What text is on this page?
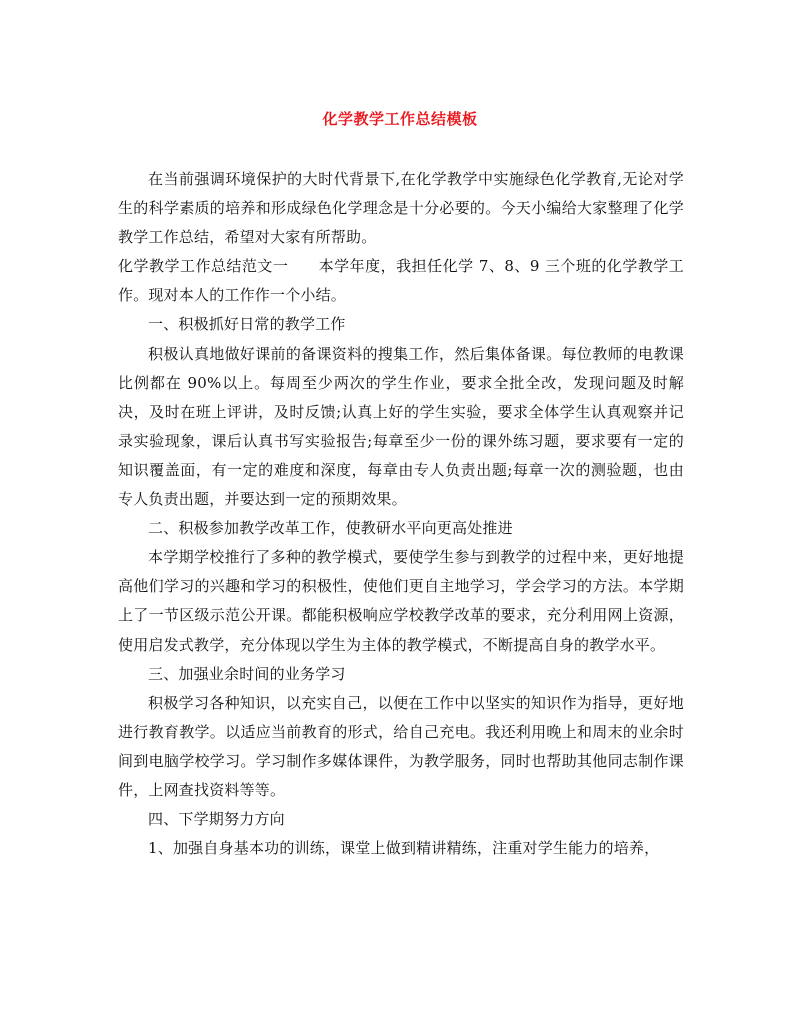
化学教学工作总结模板

在当前强调环境保护的大时代背景下,在化学教学中实施绿色化学教育,无论对学生的科学素质的培养和形成绿色化学理念是十分必要的。今天小编给大家整理了化学教学工作总结，希望对大家有所帮助。

化学教学工作总结范文一 本学年度，我担任化学 7、8、9 三个班的化学教学工作。现对本人的工作作一个小结。

一、积极抓好日常的教学工作

积极认真地做好课前的备课资料的搜集工作，然后集体备课。每位教师的电教课比例都在 90%以上。每周至少两次的学生作业，要求全批全改，发现问题及时解决，及时在班上评讲，及时反馈;认真上好的学生实验，要求全体学生认真观察并记录实验现象，课后认真书写实验报告;每章至少一份的课外练习题，要求要有一定的知识覆盖面，有一定的难度和深度，每章由专人负责出题;每章一次的测验题，也由专人负责出题，并要达到一定的预期效果。

二、积极参加教学改革工作，使教研水平向更高处推进

本学期学校推行了多种的教学模式，要使学生参与到教学的过程中来，更好地提高他们学习的兴趣和学习的积极性，使他们更自主地学习，学会学习的方法。本学期上了一节区级示范公开课。都能积极响应学校教学改革的要求，充分利用网上资源，使用启发式教学，充分体现以学生为主体的教学模式，不断提高自身的教学水平。

三、加强业余时间的业务学习

积极学习各种知识，以充实自己，以便在工作中以坚实的知识作为指导，更好地进行教育教学。以适应当前教育的形式，给自己充电。我还利用晚上和周末的业余时间到电脑学校学习。学习制作多媒体课件，为教学服务，同时也帮助其他同志制作课件，上网查找资料等等。

四、下学期努力方向

1、加强自身基本功的训练，课堂上做到精讲精练，注重对学生能力的培养，
